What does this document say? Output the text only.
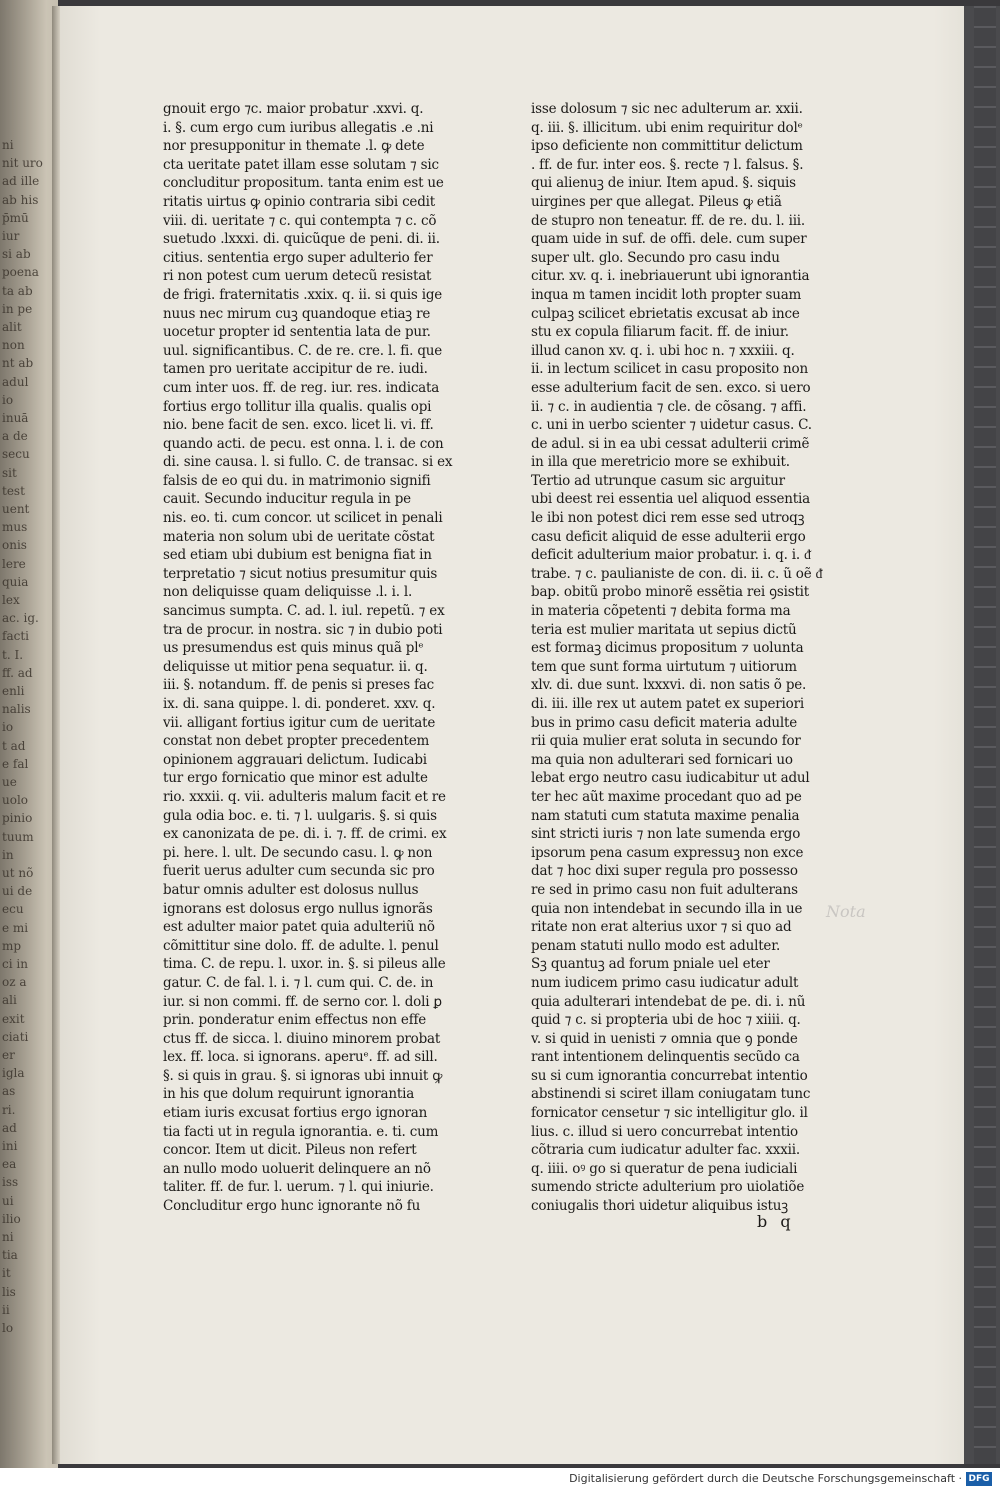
ni
nit uro
ad ille
ab his
p̄mū
iur
si ab
poena
ta ab
in pe
alit
non
nt ab
adul
io
inuā
a de
secu
sit
test
uent
mus
onis
lere
quia
lex
ac. ig.
facti
t. I.
ff. ad
enli
nalis
io
t ad
e fal
ue
uolo
pinio
tuum
in
ut nõ
ui de
ecu
e mi
mp
ci in
oz a
ali
exit
ciati
er
igla
as
ri.
ad
ini
ea
iss
ui
ilio
ni
tia
it
lis
ii
lo
gnouit ergo ⁊c. maior probatur .xxvi. q.
i. §. cum ergo cum iuribus allegatis .e .ni
nor presupponitur in themate .l. ꝙ dete
cta ueritate patet illam esse solutam ⁊ sic
concluditur propositum. tanta enim est ue
ritatis uirtus ꝙ opinio contraria sibi cedit
viii. di. ueritate ⁊ c. qui contempta ⁊ c. cõ
suetudo .lxxxi. di. quicũque de peni. di. ii.
citius. sententia ergo super adulterio fer
ri non potest cum uerum detecũ resistat
de frigi. fraternitatis .xxix. q. ii. si quis ige
nuus nec mirum cuꝫ quandoque etiaꝫ re
uocetur propter id sententia lata de pur.
uul. significantibus. C. de re. cre. l. fi. que
tamen pro ueritate accipitur de re. iudi.
cum inter uos. ff. de reg. iur. res. indicata
fortius ergo tollitur illa qualis. qualis opi
nio. bene facit de sen. exco. licet li. vi. ff.
quando acti. de pecu. est onna. l. i. de con
di. sine causa. l. si fullo. C. de transac. si ex
falsis de eo qui du. in matrimonio signifi
cauit. Secundo inducitur regula in pe
nis. eo. ti. cum concor. ut scilicet in penali
materia non solum ubi de ueritate cõstat
sed etiam ubi dubium est benigna fiat in
terpretatio ⁊ sicut notius presumitur quis
non deliquisse quam deliquisse .l. i. l.
sancimus sumpta. C. ad. l. iul. repetũ. ⁊ ex
tra de procur. in nostra. sic ⁊ in dubio poti
us presumendus est quis minus quã plᵉ
deliquisse ut mitior pena sequatur. ii. q.
iii. §. notandum. ff. de penis si preses fac
ix. di. sana quippe. l. di. ponderet. xxv. q.
vii. alligant fortius igitur cum de ueritate
constat non debet propter precedentem
opinionem aggrauari delictum. Iudicabi
tur ergo fornicatio que minor est adulte
rio. xxxii. q. vii. adulteris malum facit et re
gula odia boc. e. ti. ⁊ l. uulgaris. §. si quis
ex canonizata de pe. di. i. ⁊. ff. de crimi. ex
pi. here. l. ult. De secundo casu. l. ꝙ non
fuerit uerus adulter cum secunda sic pro
batur omnis adulter est dolosus nullus
ignorans est dolosus ergo nullus ignorãs
est adulter maior patet quia adulteriũ nõ
cõmittitur sine dolo. ff. de adulte. l. penul
tima. C. de repu. l. uxor. in. §. si pileus alle
gatur. C. de fal. l. i. ⁊ l. cum qui. C. de. in
iur. si non commi. ff. de serno cor. l. doli ꝑ
prin. ponderatur enim effectus non effe
ctus ff. de sicca. l. diuino minorem probat
lex. ff. loca. si ignorans. aperuᵉ. ff. ad sill.
§. si quis in grau. §. si ignoras ubi innuit ꝙ
in his que dolum requirunt ignorantia
etiam iuris excusat fortius ergo ignoran
tia facti ut in regula ignorantia. e. ti. cum
concor. Item ut dicit. Pileus non refert
an nullo modo uoluerit delinquere an nõ
taliter. ff. de fur. l. uerum. ⁊ l. qui iniurie.
Concluditur ergo hunc ignorante nõ fu
isse dolosum ⁊ sic nec adulterum ar. xxii.
q. iii. §. illicitum. ubi enim requiritur dolᵉ
ipso deficiente non committitur delictum
. ff. de fur. inter eos. §. recte ⁊ l. falsus. §.
qui alienuꝫ de iniur. Item apud. §. siquis
uirgines per que allegat. Pileus ꝙ etiã
de stupro non teneatur. ff. de re. du. l. iii.
quam uide in suf. de offi. dele. cum super
super ult. glo. Secundo pro casu indu
citur. xv. q. i. inebriauerunt ubi ignorantia
inqua m tamen incidit loth propter suam
culpaꝫ scilicet ebrietatis excusat ab ince
stu ex copula filiarum facit. ff. de iniur.
illud canon xv. q. i. ubi hoc n. ⁊ xxxiii. q.
ii. in lectum scilicet in casu proposito non
esse adulterium facit de sen. exco. si uero
ii. ⁊ c. in audientia ⁊ cle. de cõsang. ⁊ affi.
c. uni in uerbo scienter ⁊ uidetur casus. C.
de adul. si in ea ubi cessat adulterii crimẽ
in illa que meretricio more se exhibuit.
Tertio ad utrunque casum sic arguitur
ubi deest rei essentia uel aliquod essentia
le ibi non potest dici rem esse sed utroqꝫ
casu deficit aliquid de esse adulterii ergo
deficit adulterium maior probatur. i. q. i. ᵭ
trabe. ⁊ c. paulianiste de con. di. ii. c. ũ oẽ ᵭ
bap. obitũ probo minorẽ essẽtia rei ꝯsistit
in materia cõpetenti ⁊ debita forma ma
teria est mulier maritata ut sepius dictũ
est formaꝫ dicimus propositum ⁊ uolunta
tem que sunt forma uirtutum ⁊ uitiorum
xlv. di. due sunt. lxxxvi. di. non satis õ pe.
di. iii. ille rex ut autem patet ex superiori
bus in primo casu deficit materia adulte
rii quia mulier erat soluta in secundo for
ma quia non adulterari sed fornicari uo
lebat ergo neutro casu iudicabitur ut adul
ter hec aũt maxime procedant quo ad pe
nam statuti cum statuta maxime penalia
sint stricti iuris ⁊ non late sumenda ergo
ipsorum pena casum expressuꝫ non exce
dat ⁊ hoc dixi super regula pro possesso
re sed in primo casu non fuit adulterans
quia non intendebat in secundo illa in ue
ritate non erat alterius uxor ⁊ si quo ad
penam statuti nullo modo est adulter.
Sꝫ quantuꝫ ad forum pniale uel eter
num iudicem primo casu iudicatur adult
quia adulterari intendebat de pe. di. i. nũ
quid ⁊ c. si propteria ubi de hoc ⁊ xiiii. q.
v. si quid in uenisti ⁊ omnia que ꝯ ponde
rant intentionem delinquentis secũdo ca
su si cum ignorantia concurrebat intentio
abstinendi si sciret illam coniugatam tunc
fornicator censetur ⁊ sic intelligitur glo. il
lius. c. illud si uero concurrebat intentio
cõtraria cum iudicatur adulter fac. xxxii.
q. iiii. oꝰ go si queratur de pena iudiciali
sumendo stricte adulterium pro uiolatiõe
coniugalis thori uidetur aliquibus istuꝫ
b q
Nota
Digitalisierung gefördert durch die Deutsche Forschungsgemeinschaft · DFG
